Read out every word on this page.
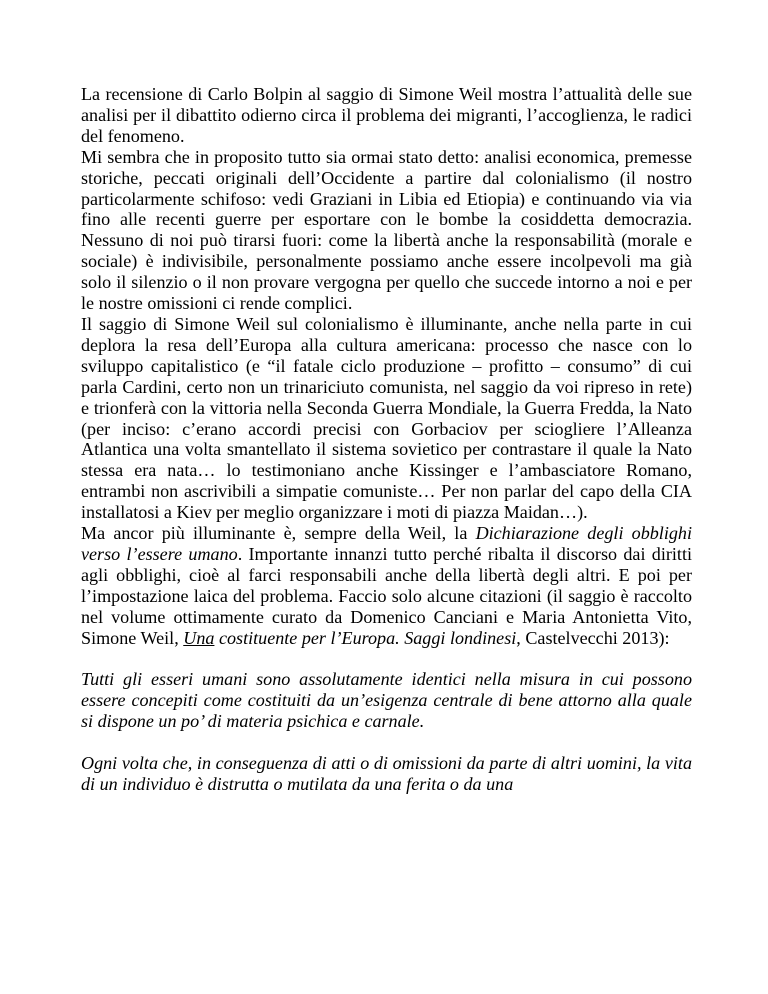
La recensione di Carlo Bolpin al saggio di Simone Weil mostra l’attualità delle sue analisi per il dibattito odierno circa il problema dei migranti, l’accoglienza, le radici del fenomeno.

Mi sembra che in proposito tutto sia ormai stato detto: analisi economica, premesse storiche, peccati originali dell’Occidente a partire dal colonialismo (il nostro particolarmente schifoso: vedi Graziani in Libia ed Etiopia) e continuando via via fino alle recenti guerre per esportare con le bombe la cosiddetta democrazia. Nessuno di noi può tirarsi fuori: come la libertà anche la responsabilità (morale e sociale) è indivisibile, personalmente possiamo anche essere incolpevoli ma già solo il silenzio o il non provare vergogna per quello che succede intorno a noi e per le nostre omissioni ci rende complici.

Il saggio di Simone Weil sul colonialismo è illuminante, anche nella parte in cui deplora la resa dell’Europa alla cultura americana: processo che nasce con lo sviluppo capitalistico (e “il fatale ciclo produzione – profitto – consumo” di cui parla Cardini, certo non un trinariciuto comunista, nel saggio da voi ripreso in rete) e trionferà con la vittoria nella Seconda Guerra Mondiale, la Guerra Fredda, la Nato (per inciso: c’erano accordi precisi con Gorbaciov per sciogliere l’Alleanza Atlantica una volta smantellato il sistema sovietico per contrastare il quale la Nato stessa era nata… lo testimoniano anche Kissinger e l’ambasciatore Romano, entrambi non ascrivibili a simpatie comuniste… Per non parlar del capo della CIA installatosi a Kiev per meglio organizzare i moti di piazza Maidan…).

Ma ancor più illuminante è, sempre della Weil, la Dichiarazione degli obblighi verso l’essere umano. Importante innanzi tutto perché ribalta il discorso dai diritti agli obblighi, cioè al farci responsabili anche della libertà degli altri. E poi per l’impostazione laica del problema. Faccio solo alcune citazioni (il saggio è raccolto nel volume ottimamente curato da Domenico Canciani e Maria Antonietta Vito, Simone Weil, Una costituente per l’Europa. Saggi londinesi, Castelvecchi 2013):

Tutti gli esseri umani sono assolutamente identici nella misura in cui possono essere concepiti come costituiti da un’esigenza centrale di bene attorno alla quale si dispone un po’ di materia psichica e carnale.

Ogni volta che, in conseguenza di atti o di omissioni da parte di altri uomini, la vita di un individuo è distrutta o mutilata da una ferita o da una
